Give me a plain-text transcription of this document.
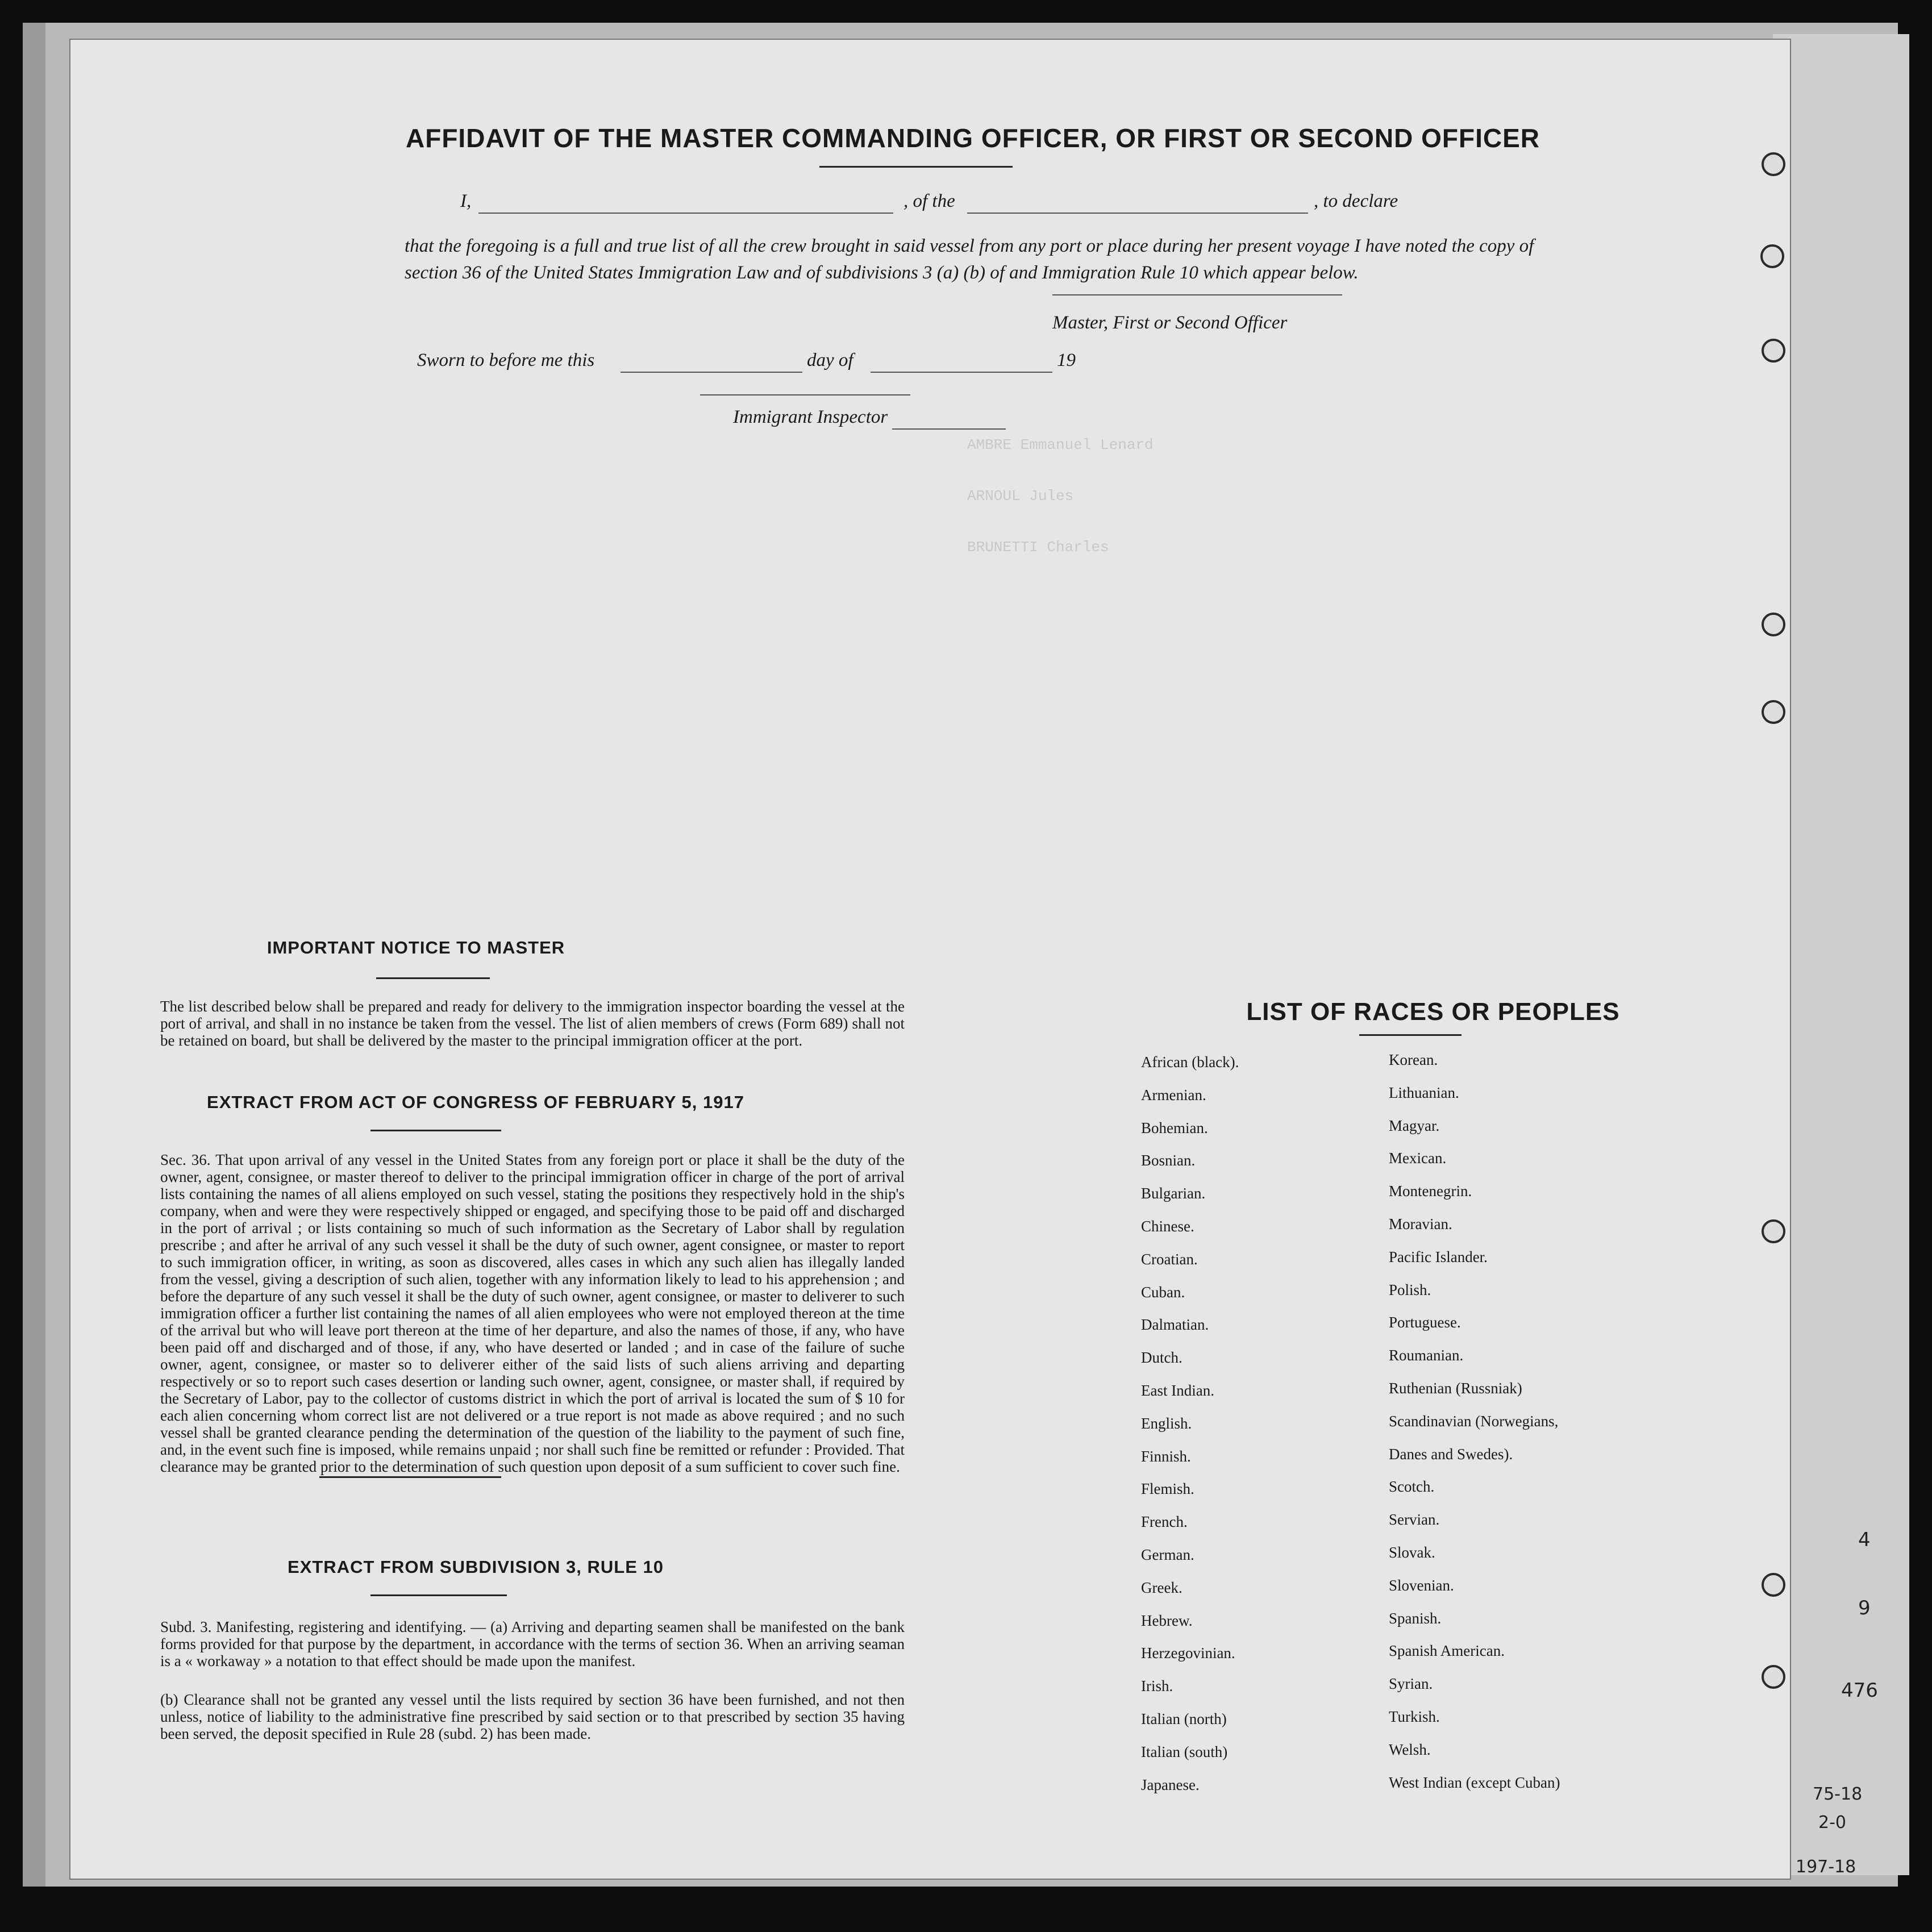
AMBRE Emmanuel Lenard
ARNOUL Jules
BRUNETTI Charles
AFFIDAVIT OF THE MASTER COMMANDING OFFICER, OR FIRST OR SECOND OFFICER
I,	, of the	, to declare
that the foregoing is a full and true list of all the crew brought in said vessel from any port or place during her present voyage I have noted the copy of section 36 of the United States Immigration Law and of subdivisions 3 (a) (b) of and Immigration Rule 10 which appear below.
Master, First or Second Officer
Sworn to before me this	day of	19
Immigrant Inspector
IMPORTANT NOTICE TO MASTER
The list described below shall be prepared and ready for delivery to the immigration inspector boarding the vessel at the port of arrival, and shall in no instance be taken from the vessel. The list of alien members of crews (Form 689) shall not be retained on board, but shall be delivered by the master to the principal immigration officer at the port.
EXTRACT FROM ACT OF CONGRESS OF FEBRUARY 5, 1917
Sec. 36. That upon arrival of any vessel in the United States from any foreign port or place it shall be the duty of the owner, agent, consignee, or master thereof to deliver to the principal immigration officer in charge of the port of arrival lists containing the names of all aliens employed on such vessel, stating the positions they respectively hold in the ship's company, when and were they were respectively shipped or engaged, and specifying those to be paid off and discharged in the port of arrival ; or lists containing so much of such information as the Secretary of Labor shall by regulation prescribe ; and after he arrival of any such vessel it shall be the duty of such owner, agent consignee, or master to report to such immigration officer, in writing, as soon as discovered, alles cases in which any such alien has illegally landed from the vessel, giving a description of such alien, together with any information likely to lead to his apprehension ; and before the departure of any such vessel it shall be the duty of such owner, agent consignee, or master to deliverer to such immigration officer a further list containing the names of all alien employees who were not employed thereon at the time of the arrival but who will leave port thereon at the time of her departure, and also the names of those, if any, who have been paid off and discharged and of those, if any, who have deserted or landed ; and in case of the failure of suche owner, agent, consignee, or master so to deliverer either of the said lists of such aliens arriving and departing respectively or so to report such cases desertion or landing such owner, agent, consignee, or master shall, if required by the Secretary of Labor, pay to the collector of customs district in which the port of arrival is located the sum of $ 10 for each alien concerning whom correct list are not delivered or a true report is not made as above required ; and no such vessel shall be granted clearance pending the determination of the question of the liability to the payment of such fine, and, in the event such fine is imposed, while remains unpaid ; nor shall such fine be remitted or refunder : Provided. That clearance may be granted prior to the determination of such question upon deposit of a sum sufficient to cover such fine.
EXTRACT FROM SUBDIVISION 3, RULE 10
Subd. 3. Manifesting, registering and identifying. — (a) Arriving and departing seamen shall be manifested on the bank forms provided for that purpose by the department, in accordance with the terms of section 36. When an arriving seaman is a « workaway » a notation to that effect should be made upon the manifest.
(b) Clearance shall not be granted any vessel until the lists required by section 36 have been furnished, and not then unless, notice of liability to the administrative fine prescribed by said section or to that prescribed by section 35 having been served, the deposit specified in Rule 28 (subd. 2) has been made.
LIST OF RACES OR PEOPLES
African (black).
Armenian.
Bohemian.
Bosnian.
Bulgarian.
Chinese.
Croatian.
Cuban.
Dalmatian.
Dutch.
East Indian.
English.
Finnish.
Flemish.
French.
German.
Greek.
Hebrew.
Herzegovinian.
Irish.
Italian (north)
Italian (south)
Japanese.
Korean.
Lithuanian.
Magyar.
Mexican.
Montenegrin.
Moravian.
Pacific Islander.
Polish.
Portuguese.
Roumanian.
Ruthenian (Russniak)
Scandinavian (Norwegians,
Danes and Swedes).
Scotch.
Servian.
Slovak.
Slovenian.
Spanish.
Spanish American.
Syrian.
Turkish.
Welsh.
West Indian (except Cuban)
4
9
476
75-18
2-0
197-18
